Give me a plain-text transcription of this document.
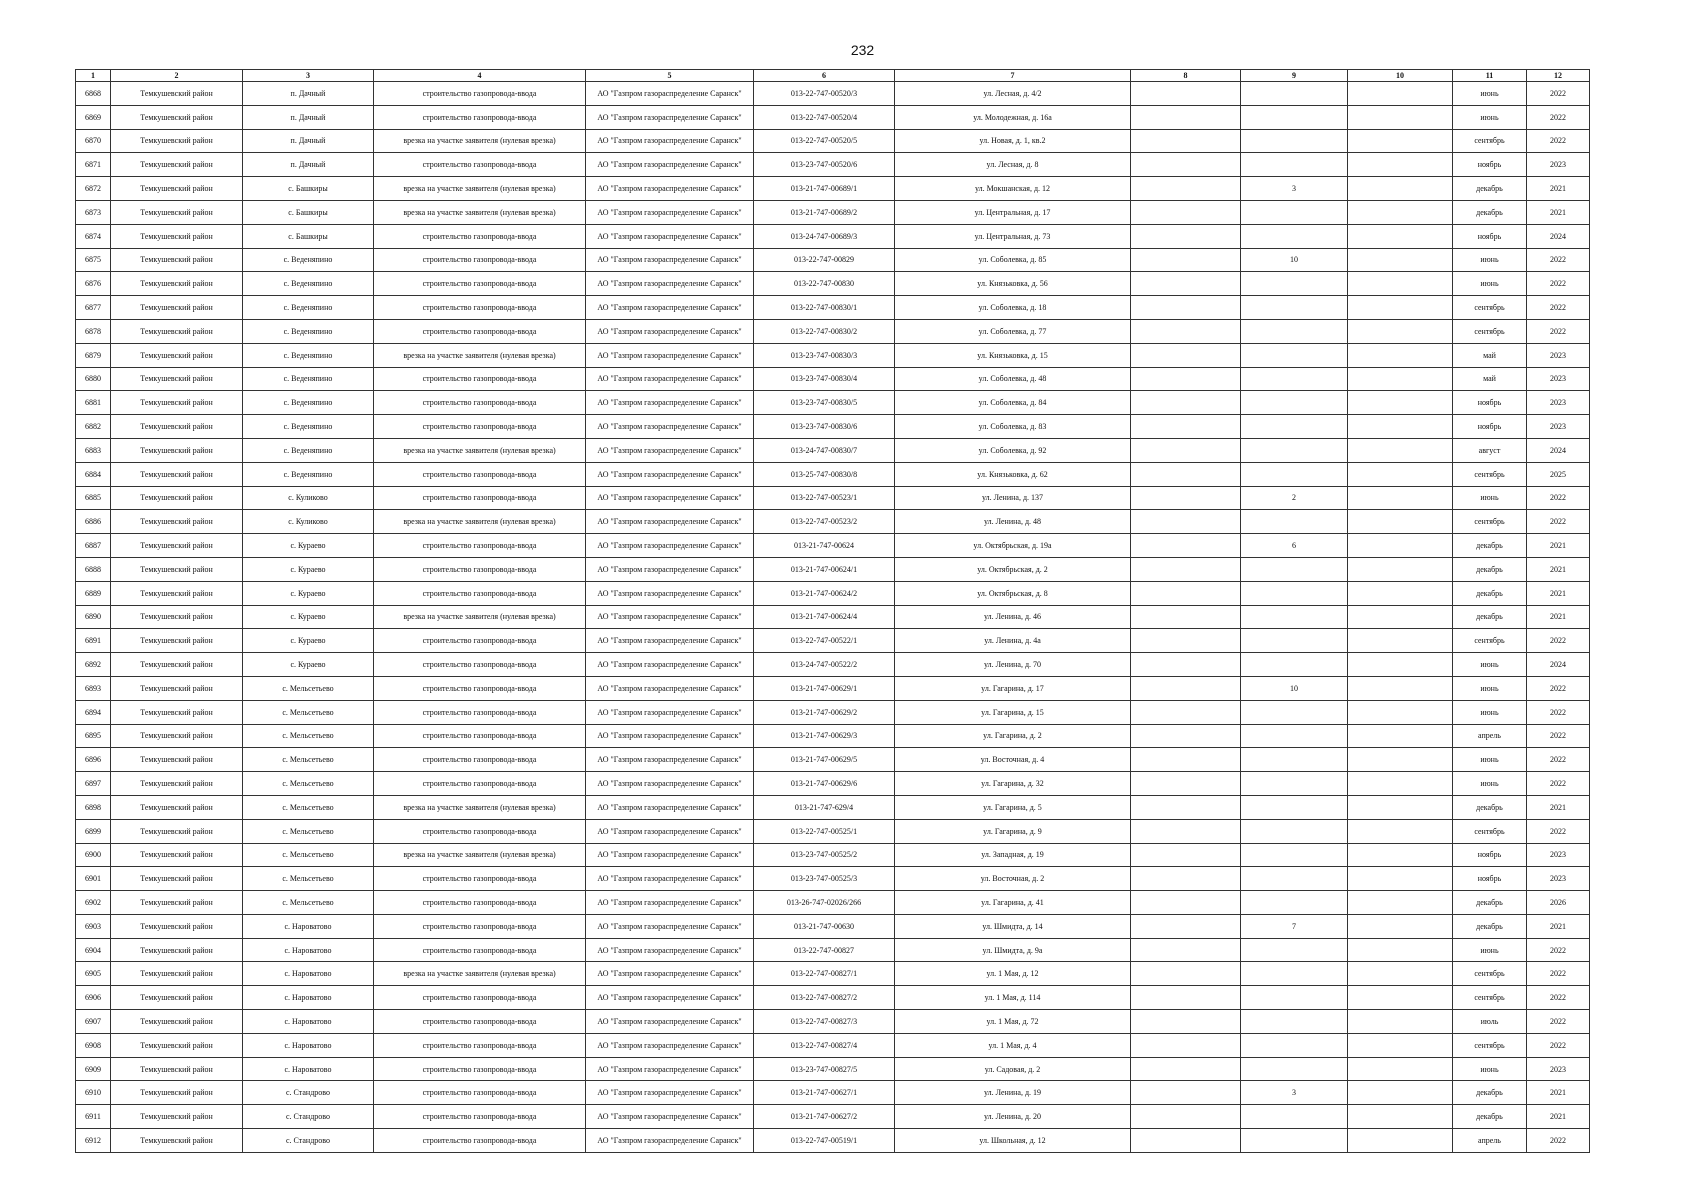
232
1	2	3	4	5	6	7	8	9	10	11	12
6868	Темкушевский район	п. Дачный	строительство газопровода-ввода	АО "Газпром газораспределение Саранск"	013-22-747-00520/3	ул. Лесная, д. 4/2				июнь	2022
6869	Темкушевский район	п. Дачный	строительство газопровода-ввода	АО "Газпром газораспределение Саранск"	013-22-747-00520/4	ул. Молодежная, д. 16а				июнь	2022
6870	Темкушевский район	п. Дачный	врезка на участке заявителя (нулевая врезка)	АО "Газпром газораспределение Саранск"	013-22-747-00520/5	ул. Новая, д. 1, кв.2				сентябрь	2022
6871	Темкушевский район	п. Дачный	строительство газопровода-ввода	АО "Газпром газораспределение Саранск"	013-23-747-00520/6	ул. Лесная, д. 8				ноябрь	2023
6872	Темкушевский район	с. Башкиры	врезка на участке заявителя (нулевая врезка)	АО "Газпром газораспределение Саранск"	013-21-747-00689/1	ул. Мокшанская, д. 12		3		декабрь	2021
6873	Темкушевский район	с. Башкиры	врезка на участке заявителя (нулевая врезка)	АО "Газпром газораспределение Саранск"	013-21-747-00689/2	ул. Центральная, д. 17				декабрь	2021
6874	Темкушевский район	с. Башкиры	строительство газопровода-ввода	АО "Газпром газораспределение Саранск"	013-24-747-00689/3	ул. Центральная, д. 73				ноябрь	2024
6875	Темкушевский район	с. Веденяпино	строительство газопровода-ввода	АО "Газпром газораспределение Саранск"	013-22-747-00829	ул. Соболевка, д. 85		10		июнь	2022
6876	Темкушевский район	с. Веденяпино	строительство газопровода-ввода	АО "Газпром газораспределение Саранск"	013-22-747-00830	ул. Князьковка, д. 56				июнь	2022
6877	Темкушевский район	с. Веденяпино	строительство газопровода-ввода	АО "Газпром газораспределение Саранск"	013-22-747-00830/1	ул. Соболевка, д. 18				сентябрь	2022
6878	Темкушевский район	с. Веденяпино	строительство газопровода-ввода	АО "Газпром газораспределение Саранск"	013-22-747-00830/2	ул. Соболевка, д. 77				сентябрь	2022
6879	Темкушевский район	с. Веденяпино	врезка на участке заявителя (нулевая врезка)	АО "Газпром газораспределение Саранск"	013-23-747-00830/3	ул. Князьковка, д. 15				май	2023
6880	Темкушевский район	с. Веденяпино	строительство газопровода-ввода	АО "Газпром газораспределение Саранск"	013-23-747-00830/4	ул. Соболевка, д. 48				май	2023
6881	Темкушевский район	с. Веденяпино	строительство газопровода-ввода	АО "Газпром газораспределение Саранск"	013-23-747-00830/5	ул. Соболевка, д. 84				ноябрь	2023
6882	Темкушевский район	с. Веденяпино	строительство газопровода-ввода	АО "Газпром газораспределение Саранск"	013-23-747-00830/6	ул. Соболевка, д. 83				ноябрь	2023
6883	Темкушевский район	с. Веденяпино	врезка на участке заявителя (нулевая врезка)	АО "Газпром газораспределение Саранск"	013-24-747-00830/7	ул. Соболевка, д. 92				август	2024
6884	Темкушевский район	с. Веденяпино	строительство газопровода-ввода	АО "Газпром газораспределение Саранск"	013-25-747-00830/8	ул. Князьковка, д. 62				сентябрь	2025
6885	Темкушевский район	с. Куликово	строительство газопровода-ввода	АО "Газпром газораспределение Саранск"	013-22-747-00523/1	ул. Ленина, д. 137		2		июнь	2022
6886	Темкушевский район	с. Куликово	врезка на участке заявителя (нулевая врезка)	АО "Газпром газораспределение Саранск"	013-22-747-00523/2	ул. Ленина, д. 48				сентябрь	2022
6887	Темкушевский район	с. Кураево	строительство газопровода-ввода	АО "Газпром газораспределение Саранск"	013-21-747-00624	ул. Октябрьская, д. 19а		6		декабрь	2021
6888	Темкушевский район	с. Кураево	строительство газопровода-ввода	АО "Газпром газораспределение Саранск"	013-21-747-00624/1	ул. Октябрьская, д. 2				декабрь	2021
6889	Темкушевский район	с. Кураево	строительство газопровода-ввода	АО "Газпром газораспределение Саранск"	013-21-747-00624/2	ул. Октябрьская, д. 8				декабрь	2021
6890	Темкушевский район	с. Кураево	врезка на участке заявителя (нулевая врезка)	АО "Газпром газораспределение Саранск"	013-21-747-00624/4	ул. Ленина, д. 46				декабрь	2021
6891	Темкушевский район	с. Кураево	строительство газопровода-ввода	АО "Газпром газораспределение Саранск"	013-22-747-00522/1	ул. Ленина, д. 4а				сентябрь	2022
6892	Темкушевский район	с. Кураево	строительство газопровода-ввода	АО "Газпром газораспределение Саранск"	013-24-747-00522/2	ул. Ленина, д. 70				июнь	2024
6893	Темкушевский район	с. Мельсетьево	строительство газопровода-ввода	АО "Газпром газораспределение Саранск"	013-21-747-00629/1	ул. Гагарина, д. 17		10		июнь	2022
6894	Темкушевский район	с. Мельсетьево	строительство газопровода-ввода	АО "Газпром газораспределение Саранск"	013-21-747-00629/2	ул. Гагарина, д. 15				июнь	2022
6895	Темкушевский район	с. Мельсетьево	строительство газопровода-ввода	АО "Газпром газораспределение Саранск"	013-21-747-00629/3	ул. Гагарина, д. 2				апрель	2022
6896	Темкушевский район	с. Мельсетьево	строительство газопровода-ввода	АО "Газпром газораспределение Саранск"	013-21-747-00629/5	ул. Восточная, д. 4				июнь	2022
6897	Темкушевский район	с. Мельсетьево	строительство газопровода-ввода	АО "Газпром газораспределение Саранск"	013-21-747-00629/6	ул. Гагарина, д. 32				июнь	2022
6898	Темкушевский район	с. Мельсетьево	врезка на участке заявителя (нулевая врезка)	АО "Газпром газораспределение Саранск"	013-21-747-629/4	ул. Гагарина, д. 5				декабрь	2021
6899	Темкушевский район	с. Мельсетьево	строительство газопровода-ввода	АО "Газпром газораспределение Саранск"	013-22-747-00525/1	ул. Гагарина, д. 9				сентябрь	2022
6900	Темкушевский район	с. Мельсетьево	врезка на участке заявителя (нулевая врезка)	АО "Газпром газораспределение Саранск"	013-23-747-00525/2	ул. Западная, д. 19				ноябрь	2023
6901	Темкушевский район	с. Мельсетьево	строительство газопровода-ввода	АО "Газпром газораспределение Саранск"	013-23-747-00525/3	ул. Восточная, д. 2				ноябрь	2023
6902	Темкушевский район	с. Мельсетьево	строительство газопровода-ввода	АО "Газпром газораспределение Саранск"	013-26-747-02026/266	ул. Гагарина, д. 41				декабрь	2026
6903	Темкушевский район	с. Нароватово	строительство газопровода-ввода	АО "Газпром газораспределение Саранск"	013-21-747-00630	ул. Шмидта, д. 14		7		декабрь	2021
6904	Темкушевский район	с. Нароватово	строительство газопровода-ввода	АО "Газпром газораспределение Саранск"	013-22-747-00827	ул. Шмидта, д. 9а				июнь	2022
6905	Темкушевский район	с. Нароватово	врезка на участке заявителя (нулевая врезка)	АО "Газпром газораспределение Саранск"	013-22-747-00827/1	ул. 1 Мая, д. 12				сентябрь	2022
6906	Темкушевский район	с. Нароватово	строительство газопровода-ввода	АО "Газпром газораспределение Саранск"	013-22-747-00827/2	ул. 1 Мая, д. 114				сентябрь	2022
6907	Темкушевский район	с. Нароватово	строительство газопровода-ввода	АО "Газпром газораспределение Саранск"	013-22-747-00827/3	ул. 1 Мая, д. 72				июль	2022
6908	Темкушевский район	с. Нароватово	строительство газопровода-ввода	АО "Газпром газораспределение Саранск"	013-22-747-00827/4	ул. 1 Мая, д. 4				сентябрь	2022
6909	Темкушевский район	с. Нароватово	строительство газопровода-ввода	АО "Газпром газораспределение Саранск"	013-23-747-00827/5	ул. Садовая, д. 2				июнь	2023
6910	Темкушевский район	с. Стандрово	строительство газопровода-ввода	АО "Газпром газораспределение Саранск"	013-21-747-00627/1	ул. Ленина, д. 19		3		декабрь	2021
6911	Темкушевский район	с. Стандрово	строительство газопровода-ввода	АО "Газпром газораспределение Саранск"	013-21-747-00627/2	ул. Ленина, д. 20				декабрь	2021
6912	Темкушевский район	с. Стандрово	строительство газопровода-ввода	АО "Газпром газораспределение Саранск"	013-22-747-00519/1	ул. Школьная, д. 12				апрель	2022
